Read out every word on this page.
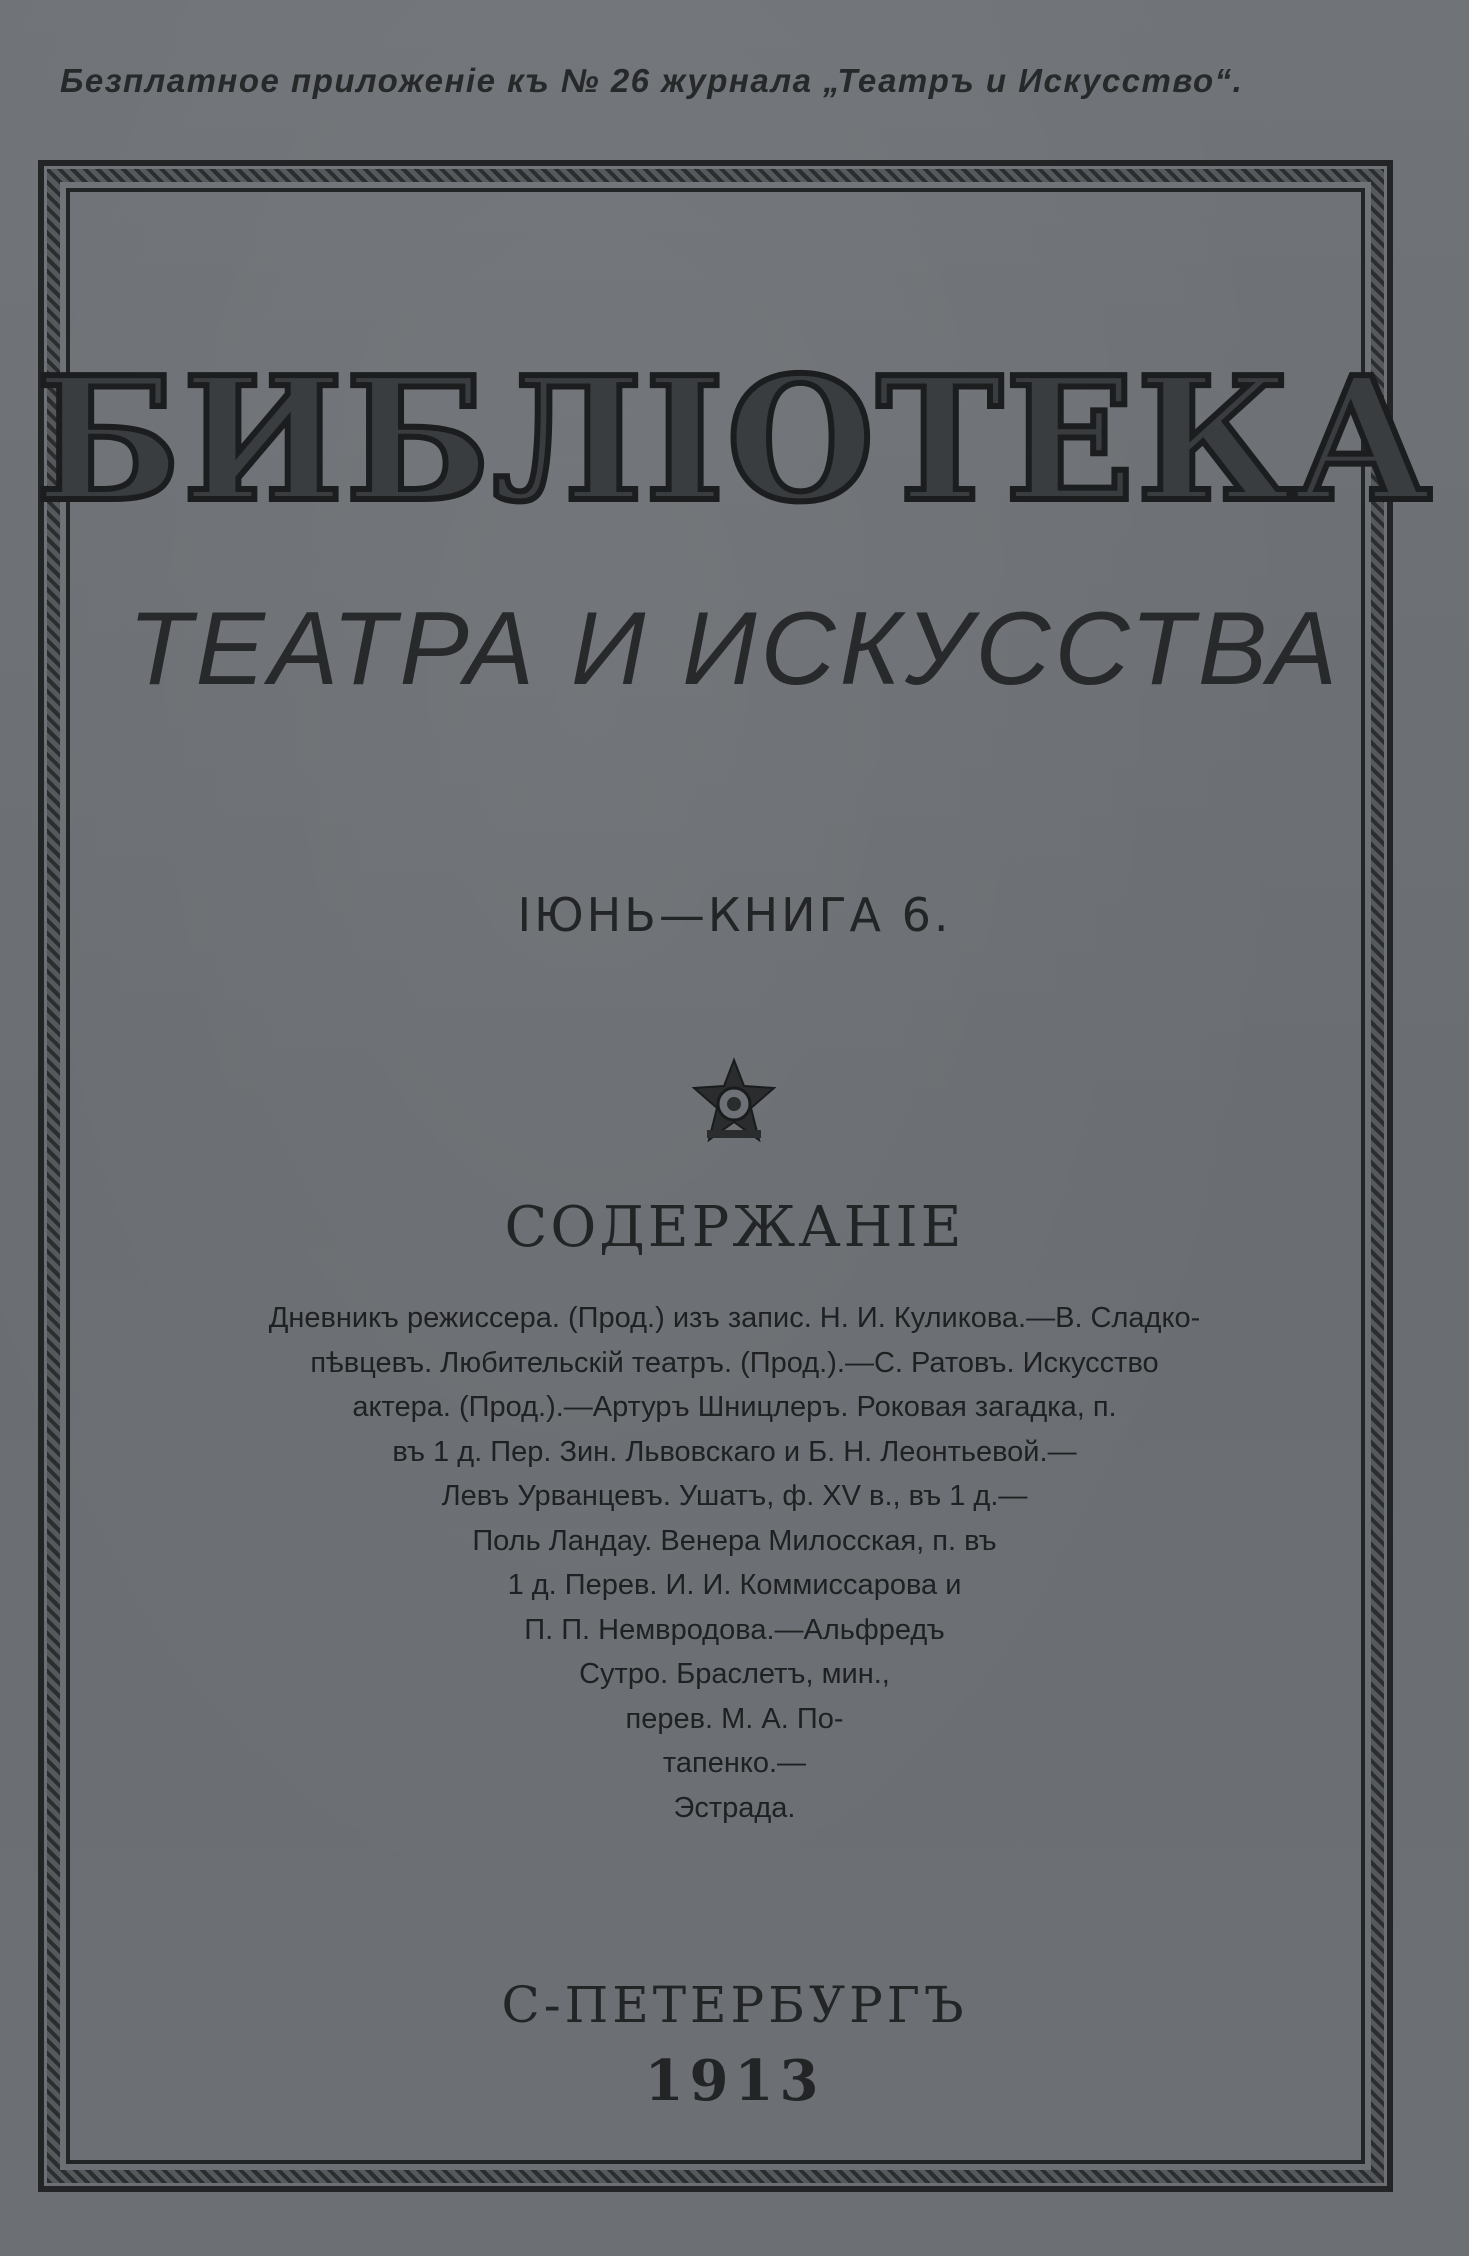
Безплатное приложеніе къ № 26 журнала „Театръ и Искусство“.
БИБЛІОТЕКА
ТЕАТРА И ИСКУССТВА
ІЮНЬ—КНИГА 6.
СОДЕРЖАНІЕ
Дневникъ режиссера. (Прод.) изъ запис. Н. И. Куликова.—В. Сладко-
пѣвцевъ. Любительскій театръ. (Прод.).—С. Ратовъ. Искусство
актера. (Прод.).—Артуръ Шницлеръ. Роковая загадка, п.
въ 1 д. Пер. Зин. Львовскаго и Б. Н. Леонтьевой.—
Левъ Урванцевъ. Ушатъ, ф. XV в., въ 1 д.—
Поль Ландау. Венера Милосская, п. въ
1 д. Перев. И. И. Коммиссарова и
П. П. Немвродова.—Альфредъ
Сутро. Браслетъ, мин.,
перев. М. А. По-
тапенко.—
Эстрада.
С-ПЕТЕРБУРГЪ
1913
